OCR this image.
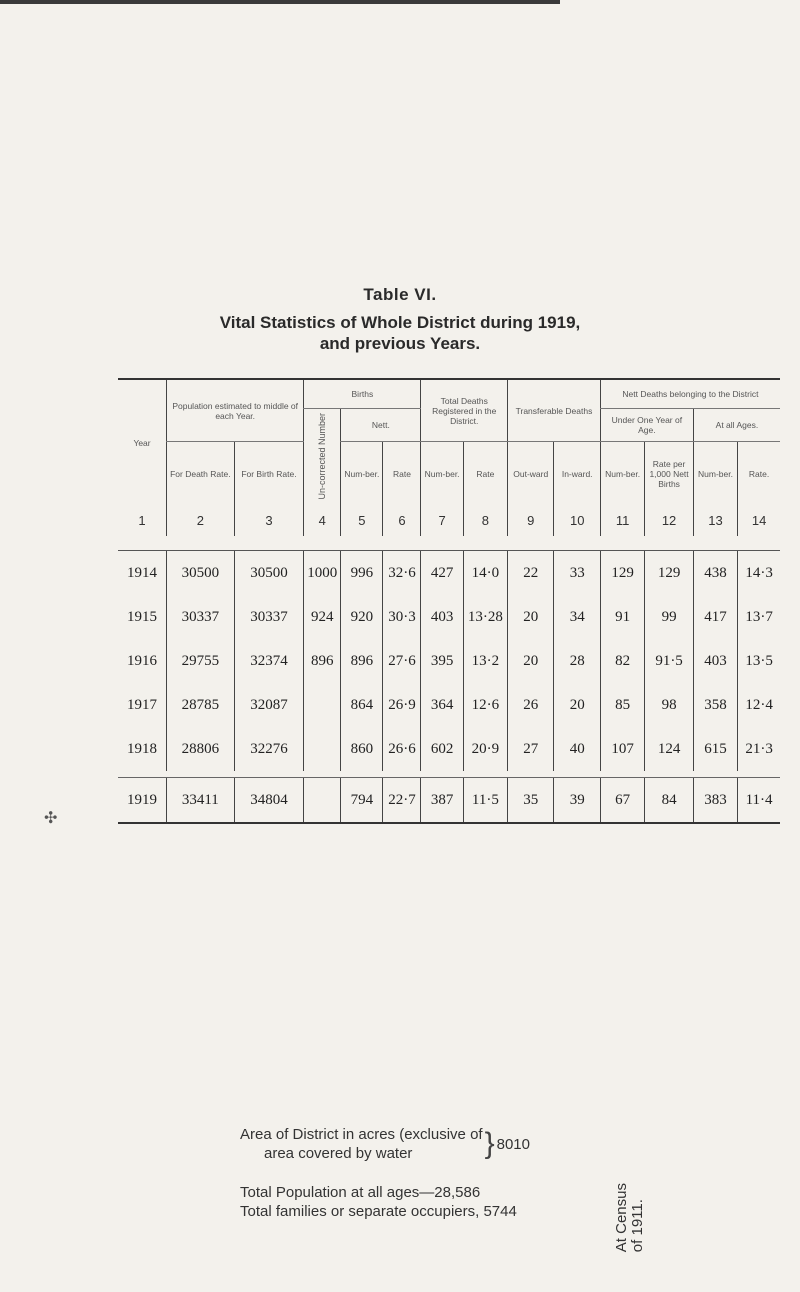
Table VI.
Vital Statistics of Whole District during 1919,
and previous Years.
Year	Population estimated to middle of each Year.		Births			Total Deaths Registered in the District.		Transferable Deaths		Nett Deaths belonging to the District			
			Un-corrected Number	Nett.						Under One Year of Age.		At all Ages.	
	For Death Rate.	For Birth Rate.		Num-ber.	Rate	Num-ber.	Rate	Out-ward	In-ward.	Num-ber.	Rate per 1,000 Nett Births	Num-ber.	Rate.
1	2	3	4	5	6	7	8	9	10	11	12	13	14

1914	30500	30500	1000	996	32·6	427	14·0	22	33	129	129	438	14·3
1915	30337	30337	924	920	30·3	403	13·28	20	34	91	99	417	13·7
1916	29755	32374	896	896	27·6	395	13·2	20	28	82	91·5	403	13·5
1917	28785	32087		864	26·9	364	12·6	26	20	85	98	358	12·4
1918	28806	32276		860	26·6	602	20·9	27	40	107	124	615	21·3

1919	33411	34804		794	22·7	387	11·5	35	39	67	84	383	11·4
✣
Area of District in acres (exclusive of
area covered by water	} 8010
Total Population at all ages—28,586
Total families or separate occupiers, 5744	At Census
of 1911.
